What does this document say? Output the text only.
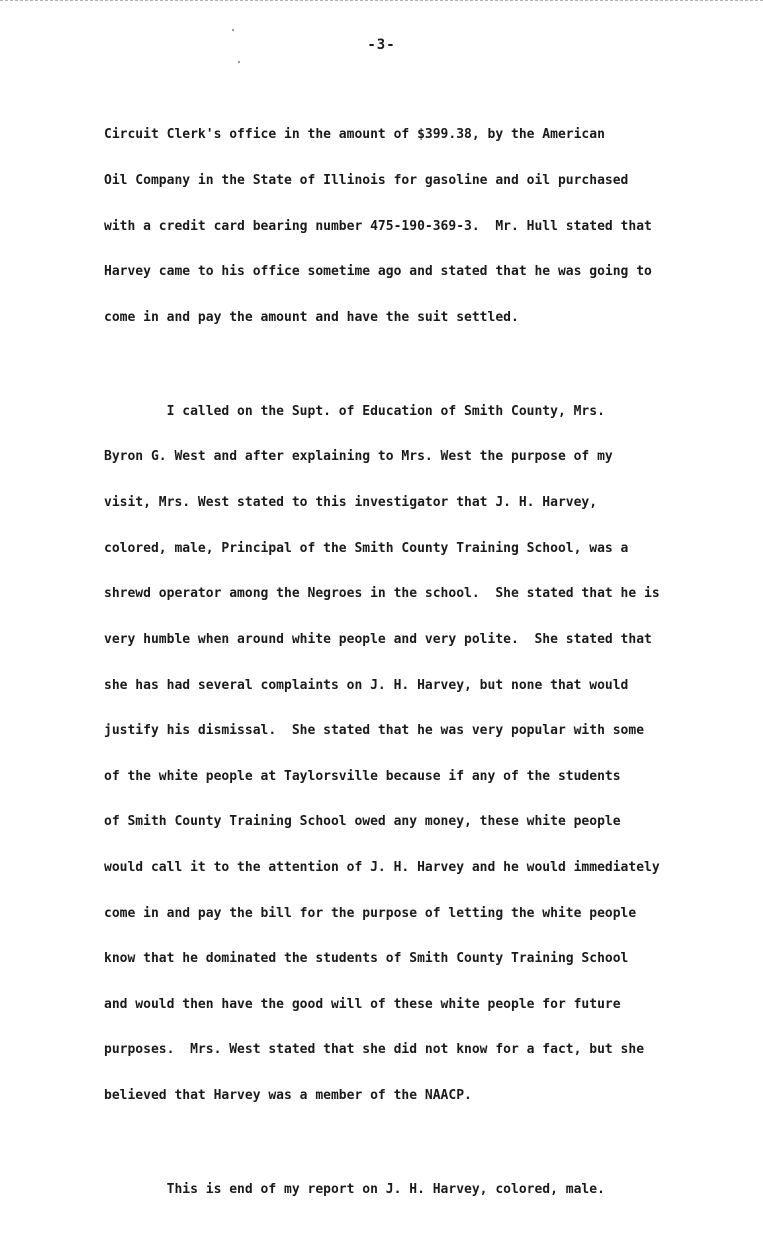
-3-

Circuit Clerk's office in the amount of $399.38, by the American

Oil Company in the State of Illinois for gasoline and oil purchased

with a credit card bearing number 475-190-369-3.  Mr. Hull stated that

Harvey came to his office sometime ago and stated that he was going to

come in and pay the amount and have the suit settled.

I called on the Supt. of Education of Smith County, Mrs.

Byron G. West and after explaining to Mrs. West the purpose of my

visit, Mrs. West stated to this investigator that J. H. Harvey,

colored, male, Principal of the Smith County Training School, was a

shrewd operator among the Negroes in the school.  She stated that he is

very humble when around white people and very polite.  She stated that

she has had several complaints on J. H. Harvey, but none that would

justify his dismissal.  She stated that he was very popular with some

of the white people at Taylorsville because if any of the students

of Smith County Training School owed any money, these white people

would call it to the attention of J. H. Harvey and he would immediately

come in and pay the bill for the purpose of letting the white people

know that he dominated the students of Smith County Training School

and would then have the good will of these white people for future

purposes.  Mrs. West stated that she did not know for a fact, but she

believed that Harvey was a member of the NAACP.

This is end of my report on J. H. Harvey, colored, male.
